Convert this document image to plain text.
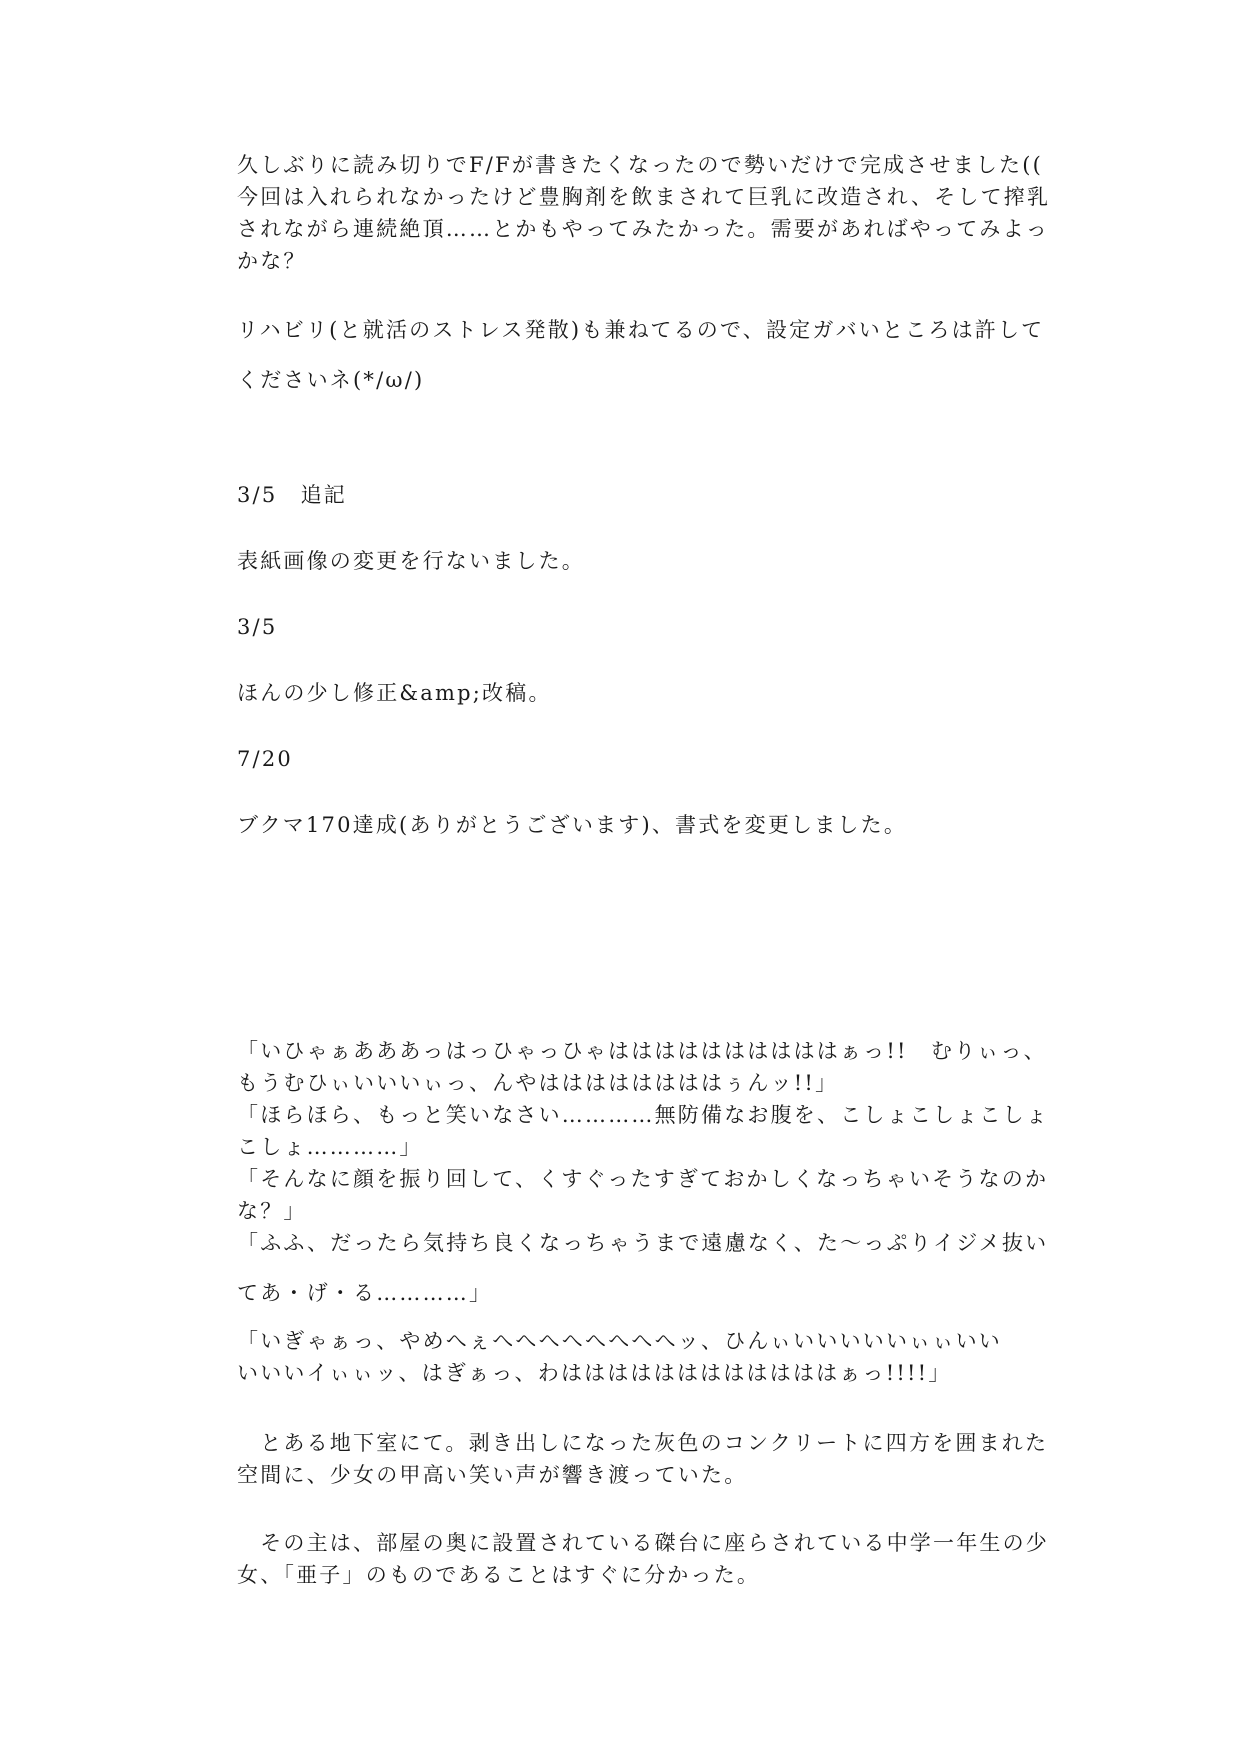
久しぶりに読み切りでF/Fが書きたくなったので勢いだけで完成させました((

今回は入れられなかったけど豊胸剤を飲まされて巨乳に改造され、そして搾乳

されながら連続絶頂……とかもやってみたかった。需要があればやってみよっ

かな？

リハビリ(と就活のストレス発散)も兼ねてるので、設定ガバいところは許して

くださいネ(*/ω/)

3/5　追記

表紙画像の変更を行ないました。

3/5

ほんの少し修正&amp;改稿。

7/20

ブクマ170達成(ありがとうございます)、書式を変更しました。

「いひゃぁあああっはっひゃっひゃははははははははははぁっ!!　むりぃっ、

もうむひぃいいいぃっ、んやははははははははぅんッ!!」

「ほらほら、もっと笑いなさい…………無防備なお腹を、こしょこしょこしょ

こしょ…………」

「そんなに顔を振り回して、くすぐったすぎておかしくなっちゃいそうなのか

な？」

「ふふ、だったら気持ち良くなっちゃうまで遠慮なく、た〜っぷりイジメ抜い

てあ・げ・る…………」

「いぎゃぁっ、やめへぇへへへへへへへへッ、ひんぃいいいいいぃぃいい

いいいイぃぃッ、はぎぁっ、わははははははははははははぁっ!!!!」

　とある地下室にて。剥き出しになった灰色のコンクリートに四方を囲まれた

空間に、少女の甲高い笑い声が響き渡っていた。

　その主は、部屋の奥に設置されている磔台に座らされている中学一年生の少

女、「亜子」のものであることはすぐに分かった。
